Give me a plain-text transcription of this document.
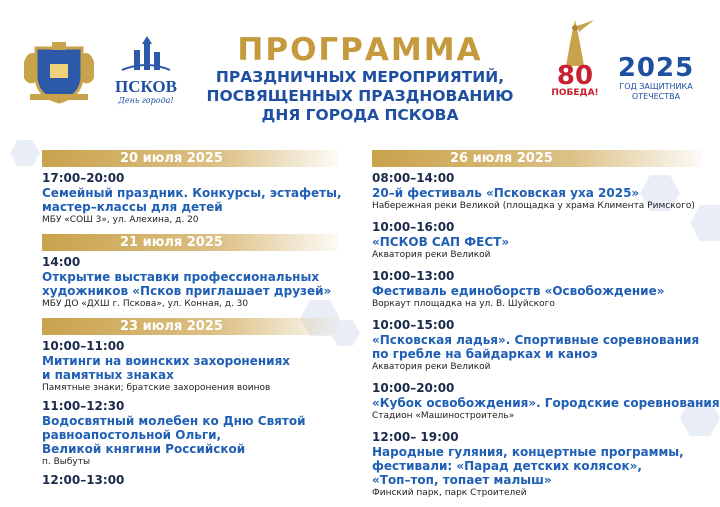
ПСКОВ
День города!
ПРОГРАММА
ПРАЗДНИЧНЫХ МЕРОПРИЯТИЙ,
ПОСВЯЩЕННЫХ ПРАЗДНОВАНИЮ
ДНЯ ГОРОДА ПСКОВА
80
ПОБЕДА!
2025
ГОД ЗАЩИТНИКА
ОТЕЧЕСТВА
20 июля 2025
17:00–20:00
Семейный праздник. Конкурсы, эстафеты,
мастер–классы для детей
МБУ «СОШ 3», ул. Алехина, д. 20
21 июля 2025
14:00
Открытие выставки профессиональных
художников «Псков приглашает друзей»
МБУ ДО «ДХШ г. Пскова», ул. Конная, д. 30
23 июля 2025
10:00–11:00
Митинги на воинских захоронениях
и памятных знаках
Памятные знаки; братские захоронения воинов
11:00–12:30
Водосвятный молебен ко Дню Святой
равноапостольной Ольги,
Великой княгини Российской
п. Выбуты
12:00–13:00
26 июля 2025
08:00–14:00
20–й фестиваль «Псковская уха 2025»
Набережная реки Великой (площадка у храма Климента Римского)
10:00–16:00
«ПСКОВ САП ФЕСТ»
Акватория реки Великой
10:00–13:00
Фестиваль единоборств «Освобождение»
Воркаут площадка на ул. В. Шуйского
10:00–15:00
«Псковская ладья». Спортивные соревнования
по гребле на байдарках и каноэ
Акватория реки Великой
10:00–20:00
«Кубок освобождения». Городские соревнования
Стадион «Машиностроитель»
12:00– 19:00
Народные гуляния, концертные программы,
фестивали: «Парад детских колясок»,
«Топ–топ, топает малыш»
Финский парк, парк Строителей
